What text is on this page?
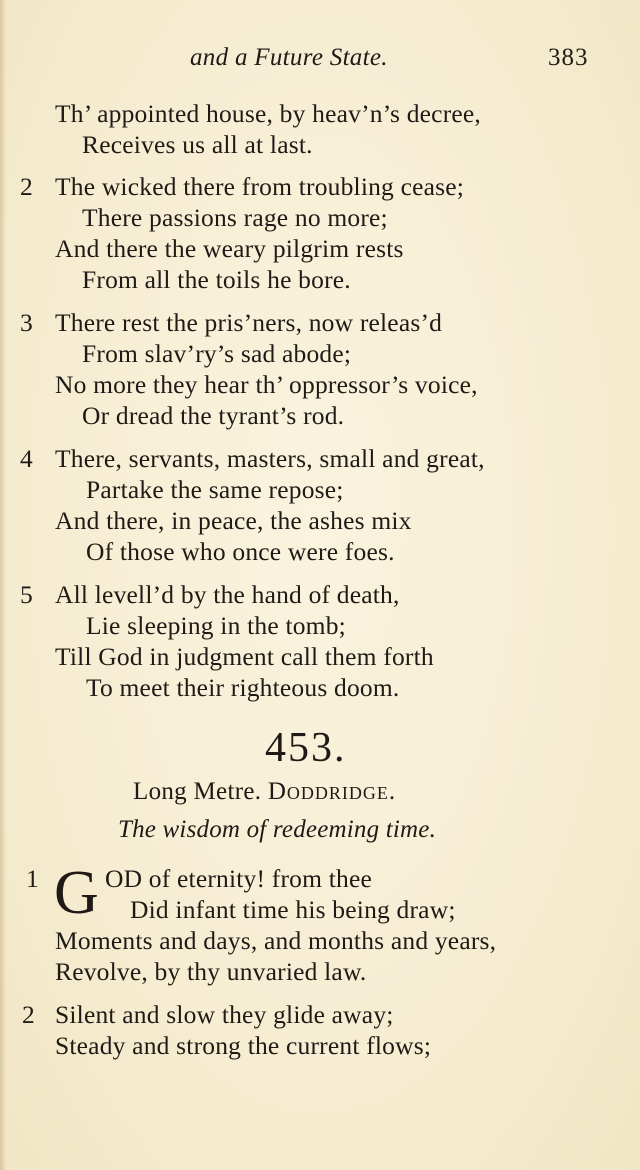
and a Future State.	383
Th’ appointed house, by heav’n’s decree,
Receives us all at last.
2 The wicked there from troubling cease;
There passions rage no more;
And there the weary pilgrim rests
From all the toils he bore.
3 There rest the pris’ners, now releas’d
From slav’ry’s sad abode;
No more they hear th’ oppressor’s voice,
Or dread the tyrant’s rod.
4 There, servants, masters, small and great,
Partake the same repose;
And there, in peace, the ashes mix
Of those who once were foes.
5 All levell’d by the hand of death,
Lie sleeping in the tomb;
Till God in judgment call them forth
To meet their righteous doom.
453.
Long Metre. Doddridge.
The wisdom of redeeming time.
1 G OD of eternity! from thee
Did infant time his being draw;
Moments and days, and months and years,
Revolve, by thy unvaried law.
2 Silent and slow they glide away;
Steady and strong the current flows;
